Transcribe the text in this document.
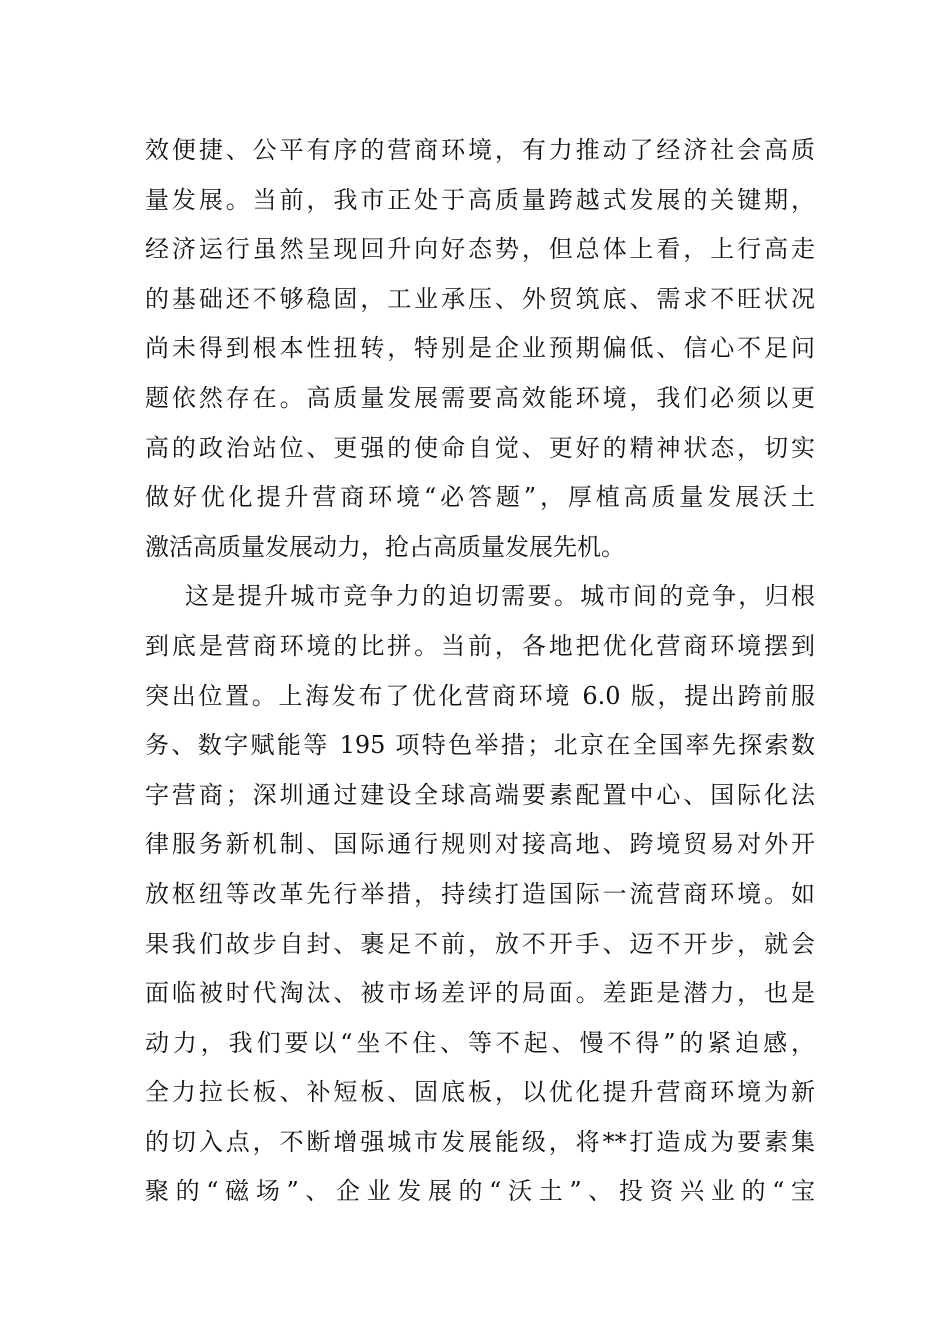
效便捷、公平有序的营商环境，有力推动了经济社会高质
量发展。当前，我市正处于高质量跨越式发展的关键期，
经济运行虽然呈现回升向好态势，但总体上看，上行高走
的基础还不够稳固，工业承压、外贸筑底、需求不旺状况
尚未得到根本性扭转，特别是企业预期偏低、信心不足问
题依然存在。高质量发展需要高效能环境，我们必须以更
高的政治站位、更强的使命自觉、更好的精神状态，切实
做好优化提升营商环境“必答题”，厚植高质量发展沃土
激活高质量发展动力，抢占高质量发展先机。
这是提升城市竞争力的迫切需要。城市间的竞争，归根
到底是营商环境的比拼。当前，各地把优化营商环境摆到
突出位置。上海发布了优化营商环境 6.0 版，提出跨前服
务、数字赋能等 195 项特色举措；北京在全国率先探索数
字营商；深圳通过建设全球高端要素配置中心、国际化法
律服务新机制、国际通行规则对接高地、跨境贸易对外开
放枢纽等改革先行举措，持续打造国际一流营商环境。如
果我们故步自封、裹足不前，放不开手、迈不开步，就会
面临被时代淘汰、被市场差评的局面。差距是潜力，也是
动力，我们要以“坐不住、等不起、慢不得”的紧迫感，
全力拉长板、补短板、固底板，以优化提升营商环境为新
的切入点，不断增强城市发展能级，将**打造成为要素集
聚的“磁场”、企业发展的“沃土”、投资兴业的“宝
